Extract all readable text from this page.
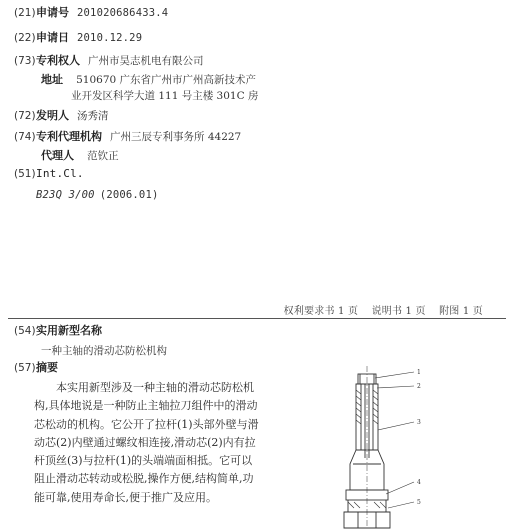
(21) 申请号 201020686433.4
(22) 申请日 2010.12.29
(73) 专利权人 广州市昊志机电有限公司
地址 510670 广东省广州市广州高新技术产
业开发区科学大道 111 号主楼 301C 房
(72) 发明人 汤秀清
(74) 专利代理机构 广州三辰专利事务所 44227
代理人 范钦正
(51) Int.Cl.
B23Q 3/00 (2006.01)
权利要求书 1 页 说明书 1 页 附图 1 页
(54) 实用新型名称
一种主轴的滑动芯防松机构
(57) 摘要

本实用新型涉及一种主轴的滑动芯防松机

构,具体地说是一种防止主轴拉刀组件中的滑动

芯松动的机构。它公开了拉杆(1)头部外壁与滑

动芯(2)内壁通过螺纹相连接,滑动芯(2)内有拉

杆顶丝(3)与拉杆(1)的头端端面相抵。它可以

阻止滑动芯转动或松脱,操作方便,结构简单,功

能可靠,使用寿命长,便于推广及应用。

1
2
3
4
5
